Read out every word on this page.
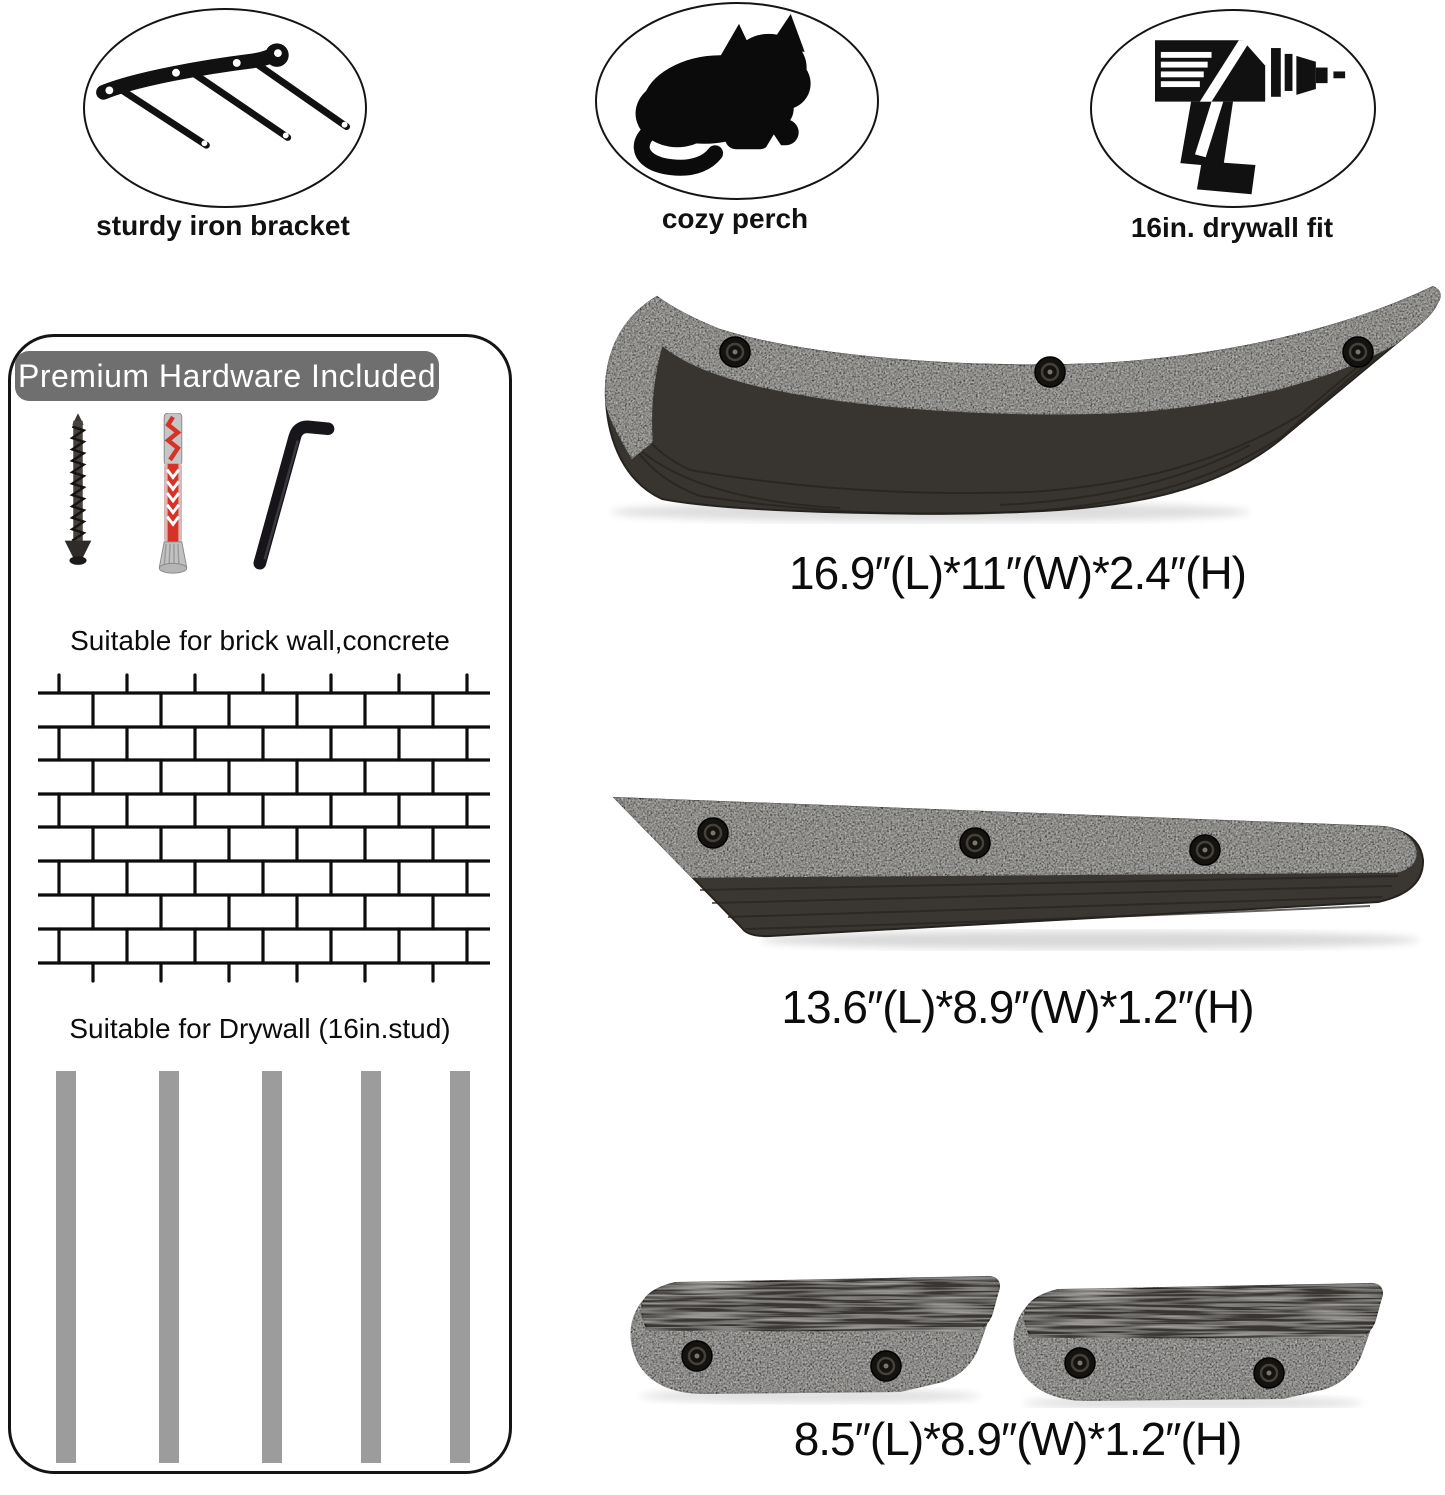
sturdy iron bracket	cozy perch	16in. drywall fit
Premium Hardware Included
Suitable for brick wall,concrete
Suitable for Drywall (16in.stud)
16.9″(L)*11″(W)*2.4″(H)
13.6″(L)*8.9″(W)*1.2″(H)
8.5″(L)*8.9″(W)*1.2″(H)
